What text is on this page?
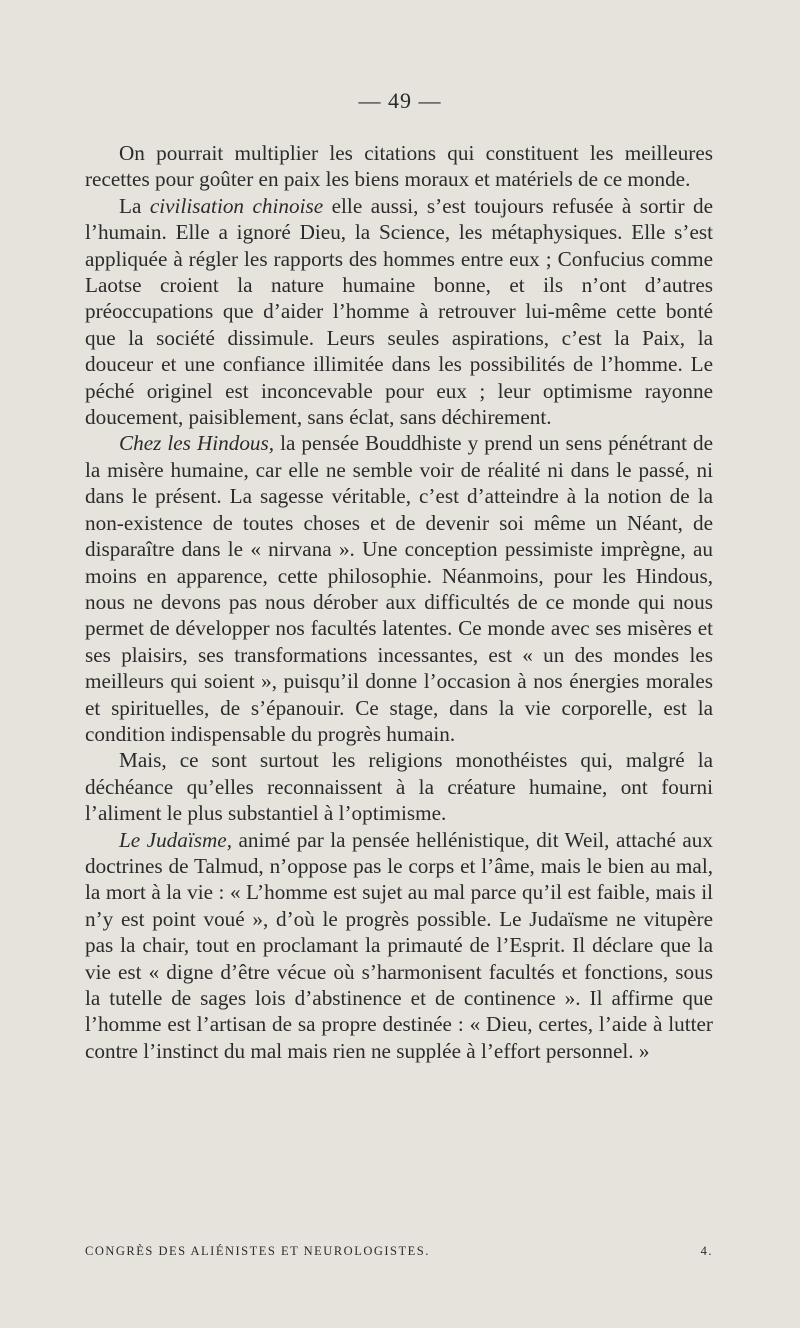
— 49 —

On pourrait multiplier les citations qui constituent les meilleures recettes pour goûter en paix les biens moraux et matériels de ce monde.

La civilisation chinoise elle aussi, s’est toujours refusée à sortir de l’humain. Elle a ignoré Dieu, la Science, les métaphysiques. Elle s’est appliquée à régler les rapports des hommes entre eux ; Confucius comme Laotse croient la nature humaine bonne, et ils n’ont d’autres préoccupations que d’aider l’homme à retrouver lui-même cette bonté que la société dissimule. Leurs seules aspirations, c’est la Paix, la douceur et une confiance illimitée dans les possibilités de l’homme. Le péché originel est inconcevable pour eux ; leur optimisme rayonne doucement, paisiblement, sans éclat, sans déchirement.

Chez les Hindous, la pensée Bouddhiste y prend un sens pénétrant de la misère humaine, car elle ne semble voir de réalité ni dans le passé, ni dans le présent. La sagesse véritable, c’est d’atteindre à la notion de la non-existence de toutes choses et de devenir soi même un Néant, de disparaître dans le « nirvana ». Une conception pessimiste imprègne, au moins en apparence, cette philosophie. Néanmoins, pour les Hindous, nous ne devons pas nous dérober aux difficultés de ce monde qui nous permet de développer nos facultés latentes. Ce monde avec ses misères et ses plaisirs, ses transformations incessantes, est « un des mondes les meilleurs qui soient », puisqu’il donne l’occasion à nos énergies morales et spirituelles, de s’épanouir. Ce stage, dans la vie corporelle, est la condition indispensable du progrès humain.

Mais, ce sont surtout les religions monothéistes qui, malgré la déchéance qu’elles reconnaissent à la créature humaine, ont fourni l’aliment le plus substantiel à l’optimisme.

Le Judaïsme, animé par la pensée hellénistique, dit Weil, attaché aux doctrines de Talmud, n’oppose pas le corps et l’âme, mais le bien au mal, la mort à la vie : « L’homme est sujet au mal parce qu’il est faible, mais il n’y est point voué », d’où le progrès possible. Le Judaïsme ne vitupère pas la chair, tout en proclamant la primauté de l’Esprit. Il déclare que la vie est « digne d’être vécue où s’harmonisent facultés et fonctions, sous la tutelle de sages lois d’abstinence et de continence ». Il affirme que l’homme est l’artisan de sa propre destinée : « Dieu, certes, l’aide à lutter contre l’instinct du mal mais rien ne supplée à l’effort personnel. »

CONGRÈS DES ALIÉNISTES ET NEUROLOGISTES.	4.
